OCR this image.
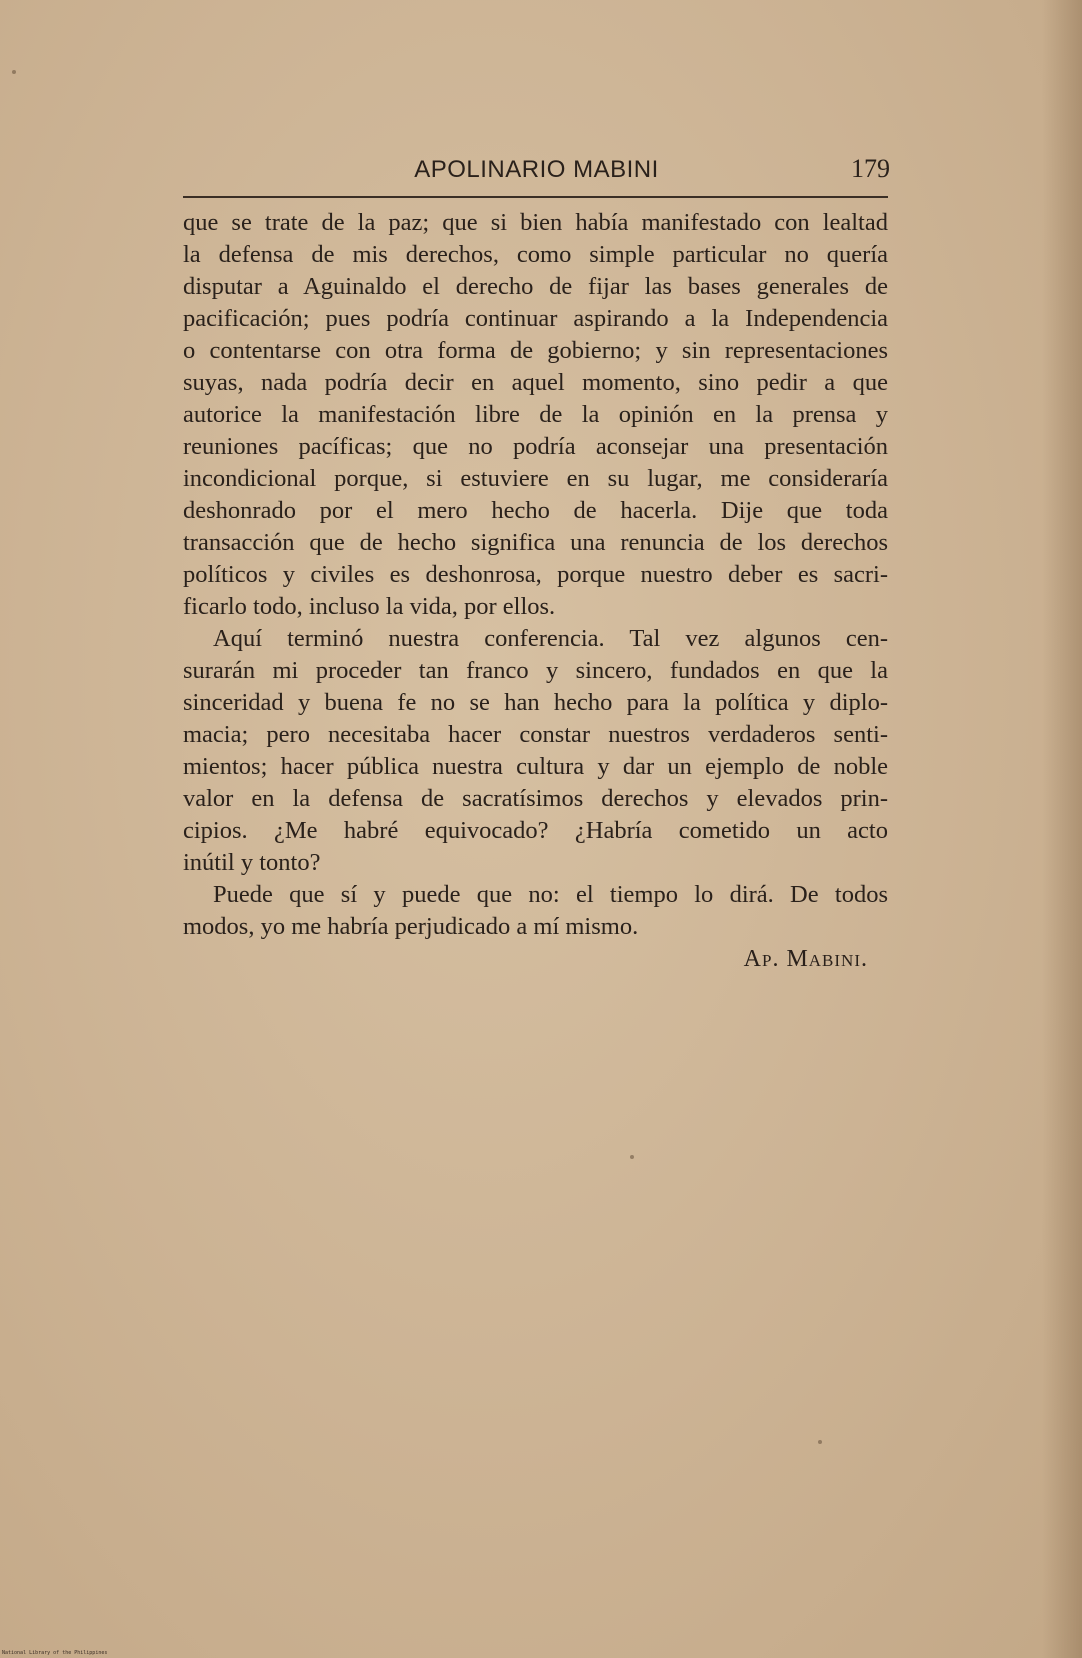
APOLINARIO MABINI	179
que se trate de la paz; que si bien había manifestado con lealtad
la defensa de mis derechos, como simple particular no quería
disputar a Aguinaldo el derecho de fijar las bases generales de
pacificación; pues podría continuar aspirando a la Independencia
o contentarse con otra forma de gobierno; y sin representaciones
suyas, nada podría decir en aquel momento, sino pedir a que
autorice la manifestación libre de la opinión en la prensa y
reuniones pacíficas; que no podría aconsejar una presentación
incondicional porque, si estuviere en su lugar, me consideraría
deshonrado por el mero hecho de hacerla. Dije que toda
transacción que de hecho significa una renuncia de los derechos
políticos y civiles es deshonrosa, porque nuestro deber es sacri-
ficarlo todo, incluso la vida, por ellos.
Aquí terminó nuestra conferencia. Tal vez algunos cen-
surarán mi proceder tan franco y sincero, fundados en que la
sinceridad y buena fe no se han hecho para la política y diplo-
macia; pero necesitaba hacer constar nuestros verdaderos senti-
mientos; hacer pública nuestra cultura y dar un ejemplo de noble
valor en la defensa de sacratísimos derechos y elevados prin-
cipios. ¿Me habré equivocado? ¿Habría cometido un acto
inútil y tonto?
Puede que sí y puede que no: el tiempo lo dirá. De todos
modos, yo me habría perjudicado a mí mismo.
Ap. Mabini.
National Library of the Philippines
